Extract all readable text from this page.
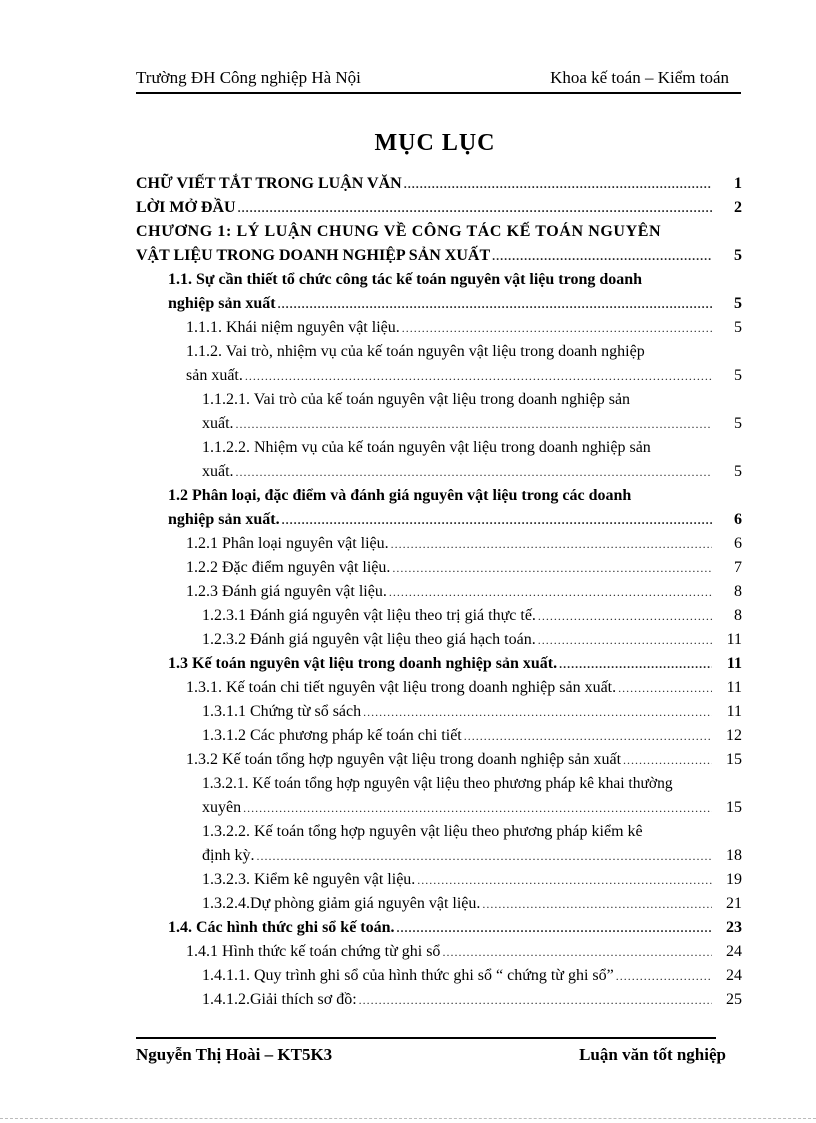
Trường ĐH Công nghiệp Hà Nội	Khoa kế toán – Kiểm toán
MỤC LỤC
CHỮ VIẾT TẮT TRONG LUẬN VĂN .....	1
LỜI MỞ ĐẦU .....	2
CHƯƠNG 1: LÝ LUẬN CHUNG VỀ CÔNG TÁC KẾ TOÁN NGUYÊN
VẬT LIỆU TRONG DOANH NGHIỆP SẢN XUẤT .....	5
1.1. Sự cần thiết tổ chức công tác kế toán nguyên vật liệu trong doanh
nghiệp sản xuất .....	5
1.1.1. Khái niệm nguyên vật liệu. .....	5
1.1.2. Vai trò, nhiệm vụ của kế toán nguyên vật liệu trong doanh nghiệp
sản xuất. .....	5
1.1.2.1. Vai trò của kế toán nguyên vật liệu trong doanh nghiệp sản
xuất. .....	5
1.1.2.2. Nhiệm vụ của kế toán nguyên vật liệu trong doanh nghiệp sản
xuất. .....	5
1.2 Phân loại, đặc điểm và đánh giá nguyên vật liệu trong các doanh
nghiệp sản xuất. .....	6
1.2.1 Phân loại nguyên vật liệu. .....	6
1.2.2 Đặc điểm nguyên vật liệu. .....	7
1.2.3 Đánh giá nguyên vật liệu. .....	8
1.2.3.1 Đánh giá nguyên vật liệu theo trị giá thực tế. .....	8
1.2.3.2 Đánh giá nguyên vật liệu theo giá hạch toán. .....	11
1.3 Kế toán nguyên vật liệu trong doanh nghiệp sản xuất. .....	11
1.3.1. Kế toán chi tiết nguyên vật liệu trong doanh nghiệp sản xuất. .....	11
1.3.1.1 Chứng từ sổ sách .....	11
1.3.1.2 Các phương pháp kế toán chi tiết .....	12
1.3.2 Kế toán tổng hợp nguyên vật liệu trong doanh nghiệp sản xuất .....	15
1.3.2.1. Kế toán tổng hợp nguyên vật liệu theo phương pháp kê khai thường
xuyên .....	15
1.3.2.2. Kế toán tổng hợp nguyên vật liệu theo phương pháp kiểm kê
định kỳ. .....	18
1.3.2.3. Kiểm kê nguyên vật liệu. .....	19
1.3.2.4.Dự phòng giảm giá nguyên vật liệu. .....	21
1.4. Các hình thức ghi sổ kế toán. .....	23
1.4.1 Hình thức kế toán chứng từ ghi sổ .....	24
1.4.1.1. Quy trình ghi sổ của hình thức ghi sổ “ chứng từ ghi sổ” .....	24
1.4.1.2.Giải thích sơ đồ: .....	25
Nguyễn Thị Hoài – KT5K3	Luận văn tốt nghiệp
